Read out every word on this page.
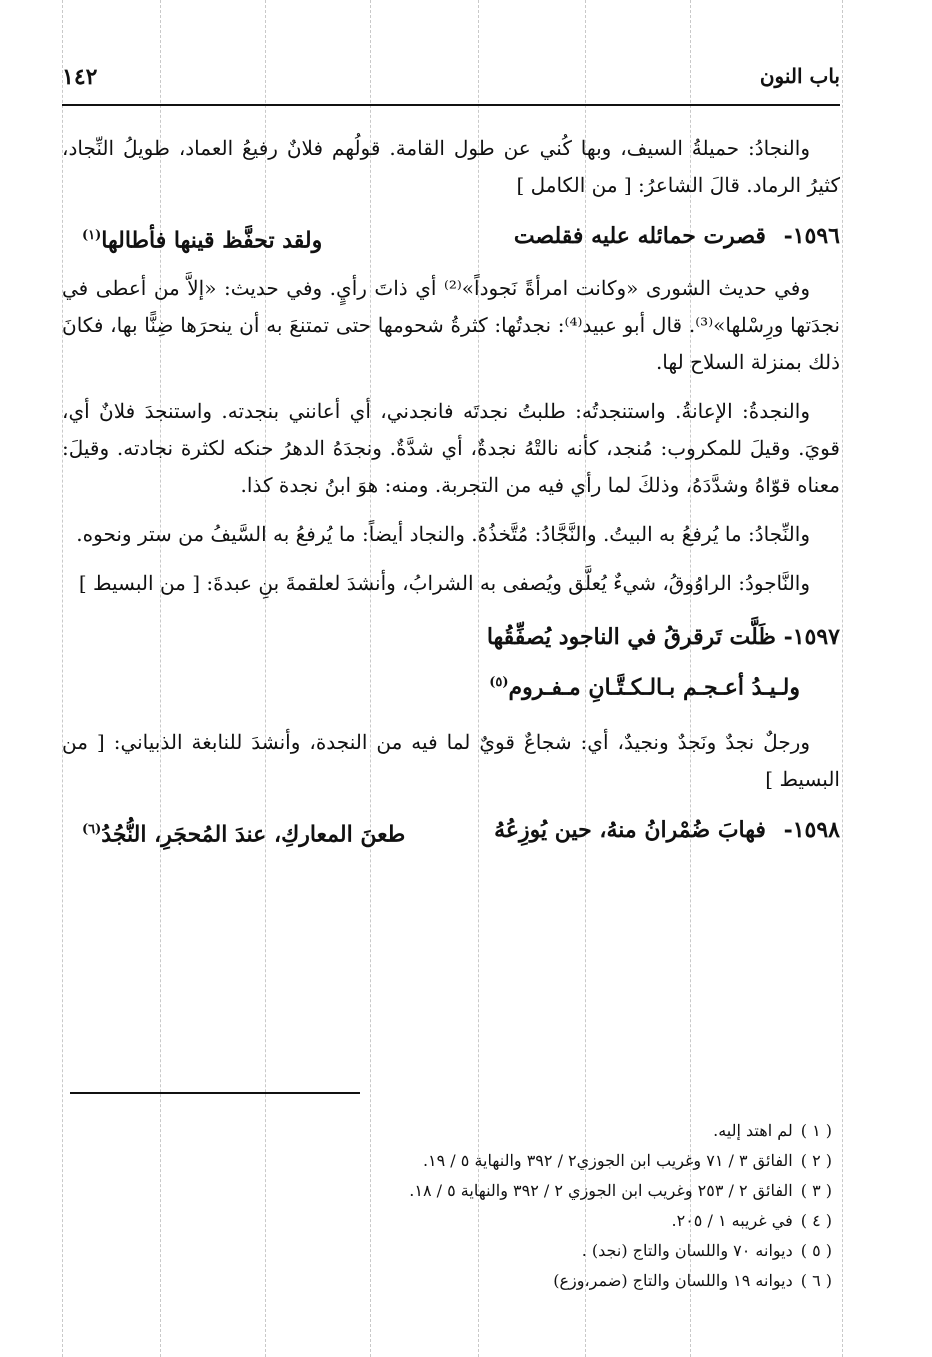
باب النون
١٤٢

والنجادُ: حميلةُ السيف، وبها كُني عن طول القامة. قولُهم فلانٌ رفيعُ العماد، طويلُ النِّجاد، كثيرُ الرماد. قالَ الشاعرُ: [ من الكامل ]

١٥٩٦- قصرت حمائله عليه فقلصت
ولقد تحفَّظ قينها فأطالها$^{(١)}$

وفي حديث الشورى «وكانت امرأةً نَجوداً»⁽²⁾ أي ذاتَ رأيٍ. وفي حديث: «إلاَّ من أعطى في نجدَتها ورِسْلها»⁽³⁾. قال أبو عبيد⁽⁴⁾: نجدتُها: كثرةُ شحومها حتى تمتنعَ به أن ينحرَها ضِنًّا بها، فكانَ ذلك بمنزلة السلاح لها.

والنجدةُ: الإعانةُ. واستنجدتُه: طلبتُ نجدتَه فانجدني، أي أعانني بنجدته. واستنجدَ فلانٌ أي، قويَ. وقيلَ للمكروب: مُنجد، كأنه نالتْهُ نجدةٌ، أي شدَّةٌ. ونجدَهُ الدهرُ حنكه لكثرة نجادته. وقيلَ: معناه قوّاهُ وشدَّدَهُ، وذلكَ لما رأي فيه من التجربة. ومنه: هوَ ابنُ نجدة كذا.

والنِّجادُ: ما يُرفعُ به البيتُ. والنَّجَّادُ: مُتَّخذُهُ. والنجاد أيضاً: ما يُرفعُ به السَّيفُ من ستر ونحوه.

والنَّاجودُ: الراوُوقُ، شيءٌ يُعلَّق ويُصفى به الشرابُ، وأنشدَ لعلقمةَ بنِ عبدةَ: [ من البسيط ]

١٥٩٧- ظَلَّت تَرقرقُ في الناجود يُصفِّقُها
ولـيـدُ أعـجـم بـالـكـتَّـانِ مـفـروم$^{(٥)}$

ورجلٌ نجدٌ ونَجدٌ ونجيدٌ، أي: شجاعٌ قويٌ لما فيه من النجدة، وأنشدَ للنابغة الذبياني: [ من البسيط ]

١٥٩٨- فهابَ ضُمْرانُ منهُ، حين يُوزِعُهُ
طعنَ المعاركِ، عندَ المُحجَرِ، النُّجُدُ$^{(٦)}$

( ١ )لم اهتد إليه.

( ٢ )الفائق ٣ / ٧١ وغريب ابن الجوزي٢ / ٣٩٢ والنهاية ٥ / ١٩.

( ٣ )الفائق ٢ / ٢٥٣ وغريب ابن الجوزي ٢ / ٣٩٢ والنهاية ٥ / ١٨.

( ٤ )في غريبه ١ / ٢٠٥.

( ٥ )ديوانه ٧٠ واللسان والتاج (نجد) .

( ٦ )ديوانه ١٩ واللسان والتاج (ضمر،وزع)
